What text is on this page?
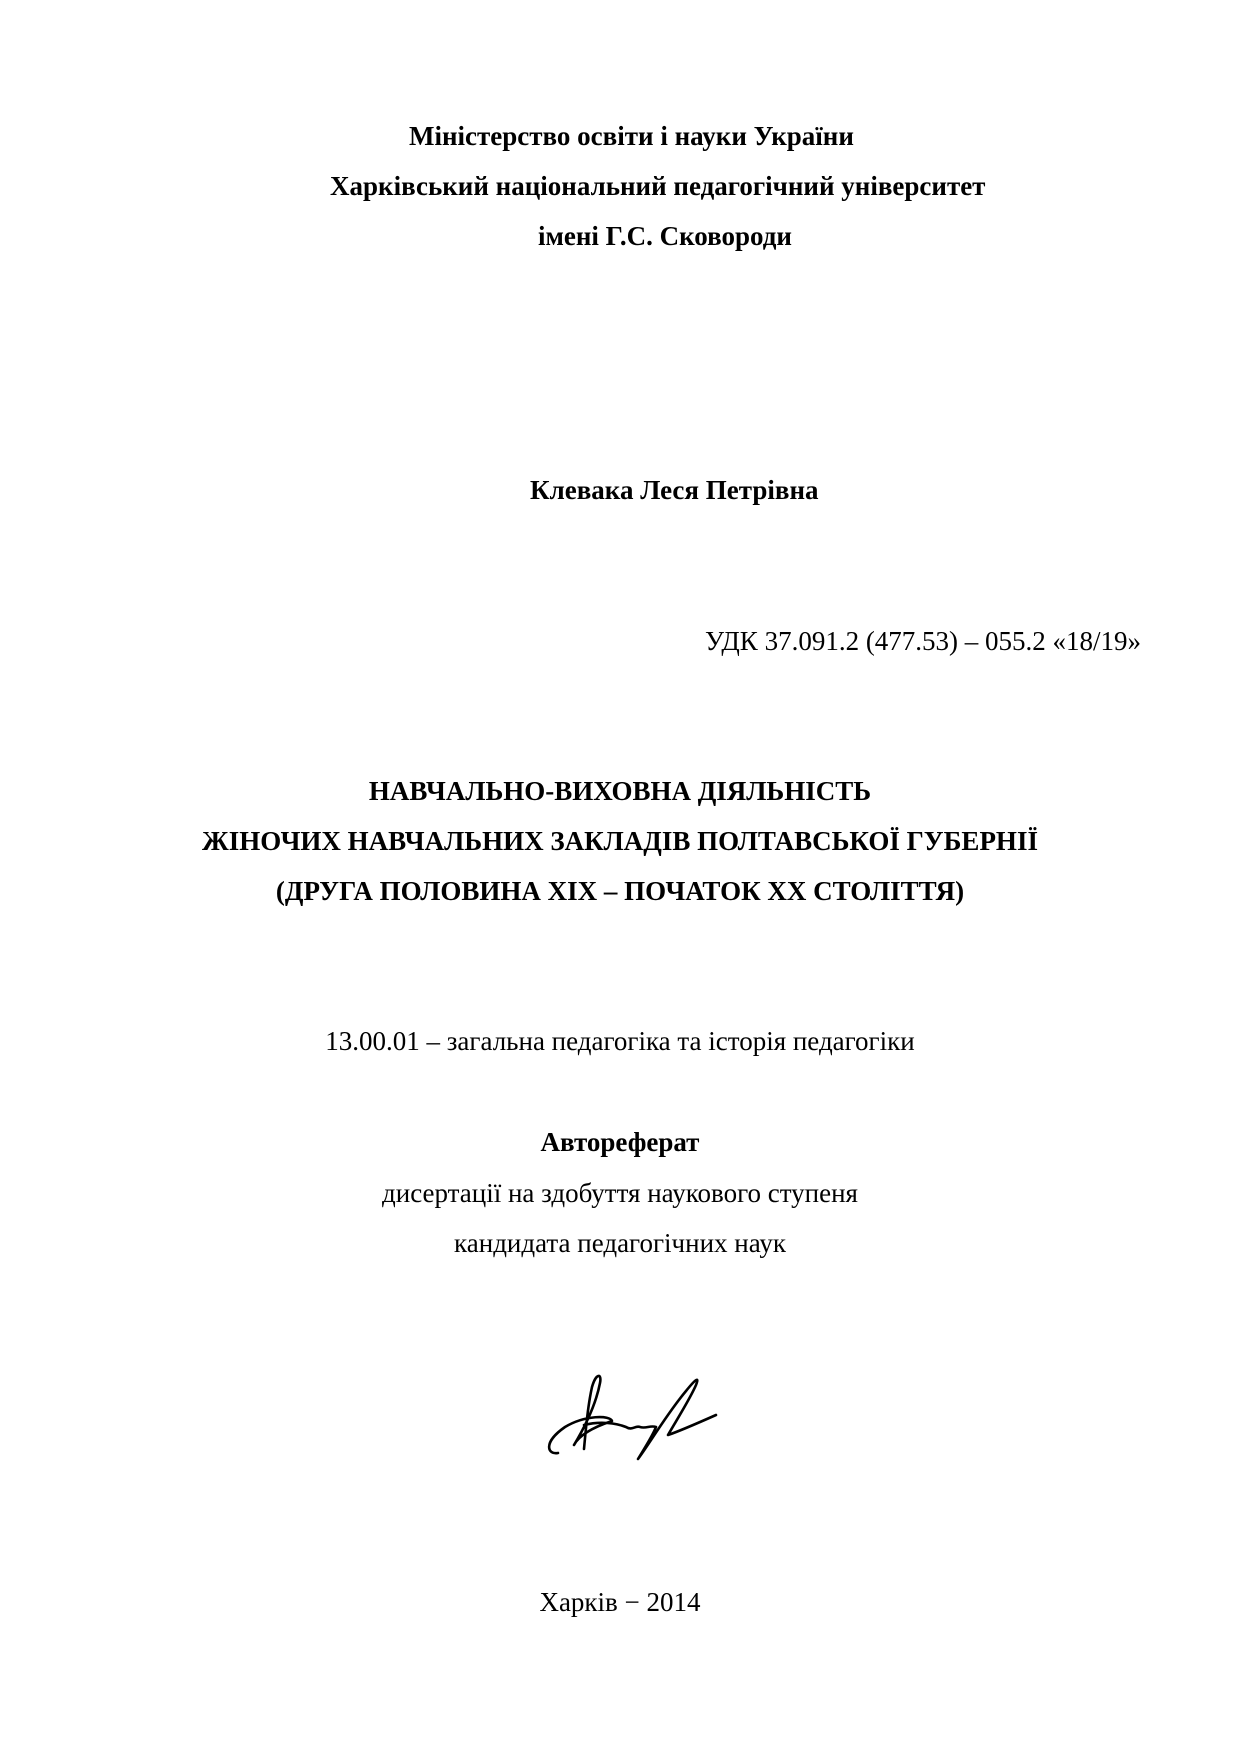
Міністерство освіти і науки України
Харківський національний педагогічний університет
імені Г.С. Сковороди
Клевака Леся Петрівна
УДК 37.091.2 (477.53) – 055.2 «18/19»
НАВЧАЛЬНО-ВИХОВНА ДІЯЛЬНІСТЬ
ЖІНОЧИХ НАВЧАЛЬНИХ ЗАКЛАДІВ ПОЛТАВСЬКОЇ ГУБЕРНІЇ
(ДРУГА ПОЛОВИНА XIX – ПОЧАТОК XX СТОЛІТТЯ)
13.00.01 – загальна педагогіка та історія педагогіки
Автореферат
дисертації на здобуття наукового ступеня
кандидата педагогічних наук
Харків − 2014
